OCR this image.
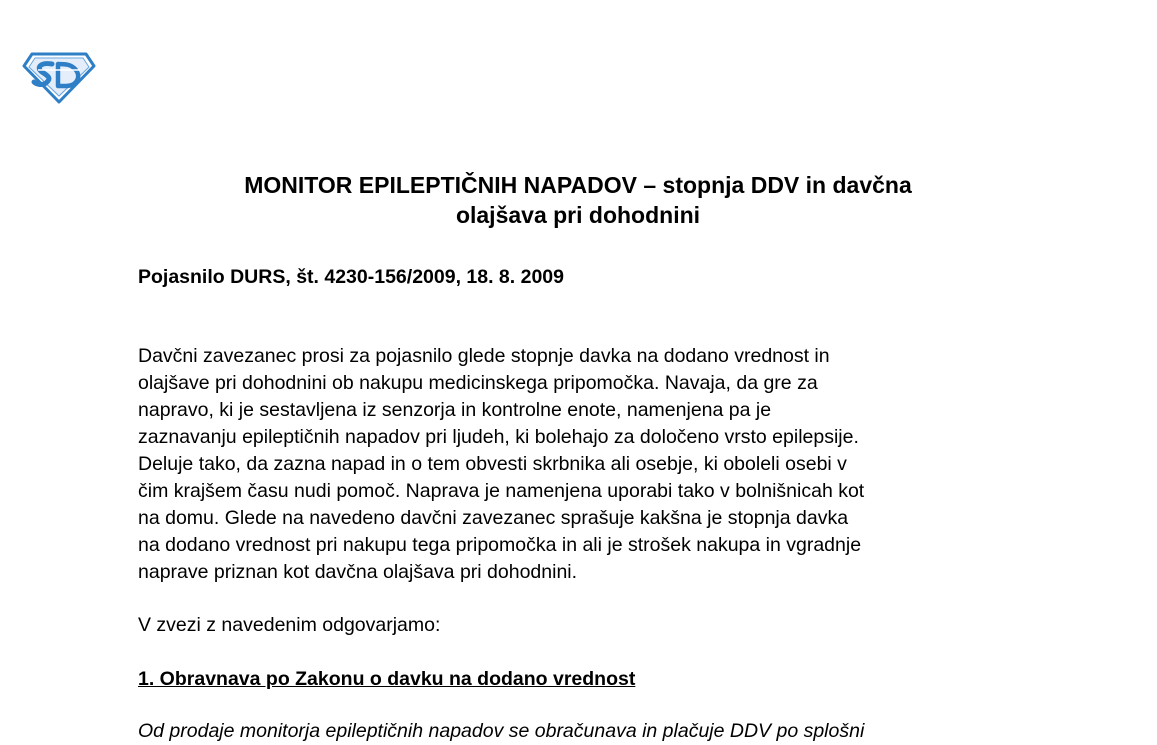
MONITOR EPILEPTIČNIH NAPADOV – stopnja DDV in davčna
olajšava pri dohodnini
Pojasnilo DURS, št. 4230-156/2009, 18. 8. 2009
Davčni zavezanec prosi za pojasnilo glede stopnje davka na dodano vrednost in
olajšave pri dohodnini ob nakupu medicinskega pripomočka. Navaja, da gre za
napravo, ki je sestavljena iz senzorja in kontrolne enote, namenjena pa je
zaznavanju epileptičnih napadov pri ljudeh, ki bolehajo za določeno vrsto epilepsije.
Deluje tako, da zazna napad in o tem obvesti skrbnika ali osebje, ki oboleli osebi v
čim krajšem času nudi pomoč. Naprava je namenjena uporabi tako v bolnišnicah kot
na domu. Glede na navedeno davčni zavezanec sprašuje kakšna je stopnja davka
na dodano vrednost pri nakupu tega pripomočka in ali je strošek nakupa in vgradnje
naprave priznan kot davčna olajšava pri dohodnini.
V zvezi z navedenim odgovarjamo:
1. Obravnava po Zakonu o davku na dodano vrednost
Od prodaje monitorja epileptičnih napadov se obračunava in plačuje DDV po splošni
